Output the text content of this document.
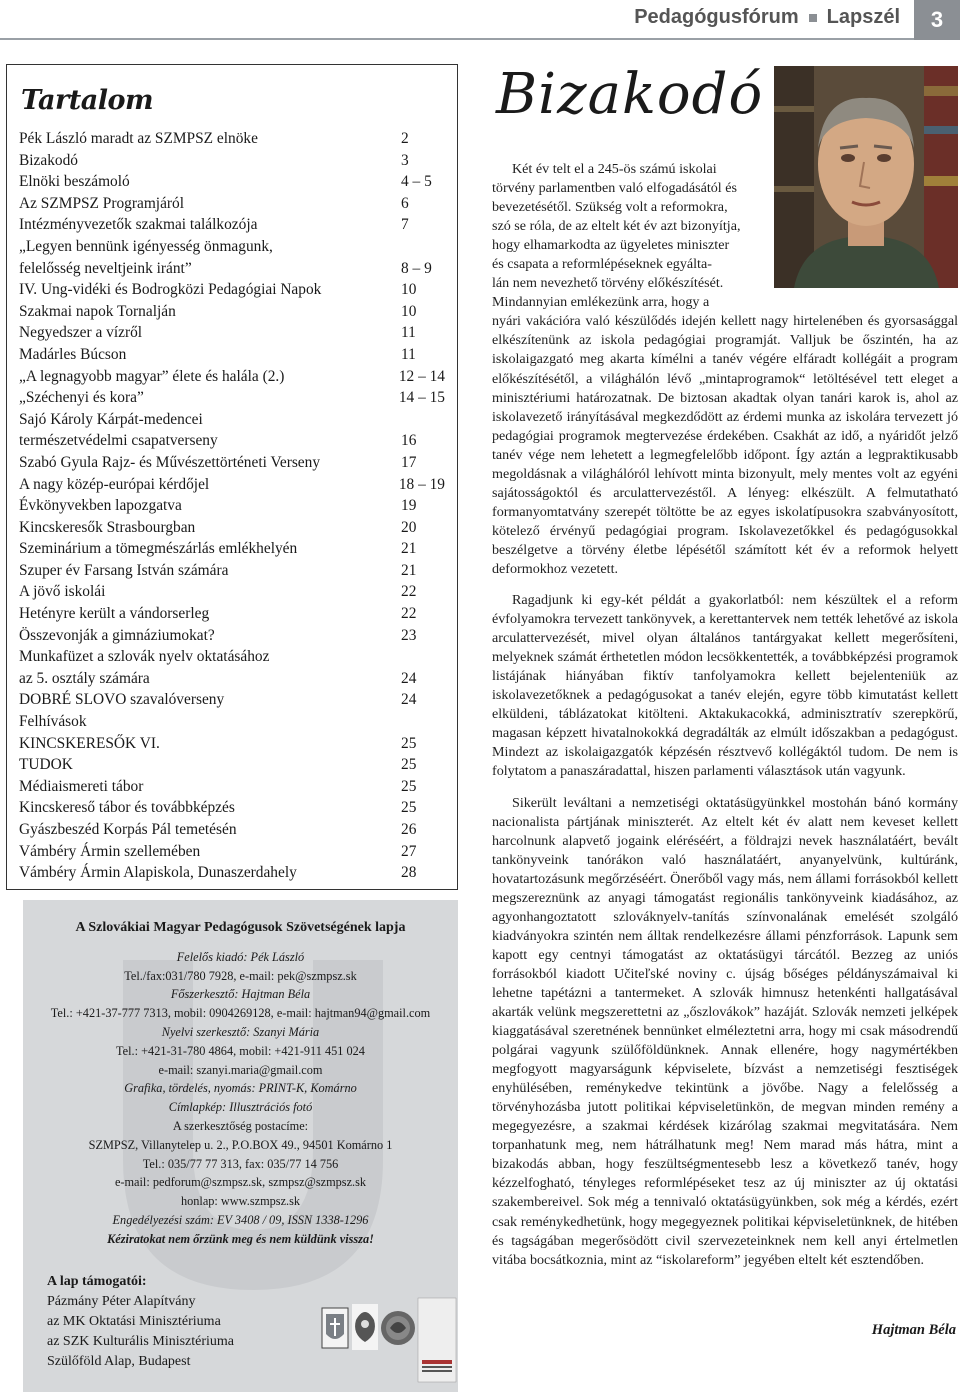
Pedagógusfórum Lapszél	3
Tartalom
Pék László maradt az SZMPSZ elnöke	2
Bizakodó	3
Elnöki beszámoló	4 – 5
Az SZMPSZ Programjáról	6
Intézményvezetők szakmai találkozója	7
„Legyen bennünk igényesség önmagunk,
felelősség neveltjeink iránt”	8 – 9
IV. Ung-vidéki és Bodrogközi Pedagógiai Napok	10
Szakmai napok Tornalján	10
Negyedszer a vízről	11
Madárles Búcson	11
„A legnagyobb magyar” élete és halála (2.)	12 – 14
„Széchenyi és kora”	14 – 15
Sajó Károly Kárpát-medencei
természetvédelmi csapatverseny	16
Szabó Gyula Rajz- és Művészettörténeti Verseny	17
A nagy közép-európai kérdőjel	18 – 19
Évkönyvekben lapozgatva	19
Kincskeresők Strasbourgban	20
Szeminárium a tömegmészárlás emlékhelyén	21
Szuper év Farsang István számára	21
A jövő iskolái	22
Hetényre került a vándorserleg	22
Összevonják a gimnáziumokat?	23
Munkafüzet a szlovák nyelv oktatásához
az 5. osztály számára	24
DOBRÉ SLOVO szavalóverseny	24
Felhívások
KINCSKERESŐK VI.	25
TUDOK	25
Médiaismereti tábor	25
Kincskereső tábor és továbbképzés	25
Gyászbeszéd Korpás Pál temetésén	26
Vámbéry Ármin szellemében	27
Vámbéry Ármin Alapiskola, Dunaszerdahely	28
A Szlovákiai Magyar Pedagógusok Szövetségének lapja
Felelős kiadó: Pék László
Tel./fax:031/780 7928, e-mail: pek@szmpsz.sk
Főszerkesztő: Hajtman Béla
Tel.: +421-37-777 7313, mobil: 0904269128, e-mail: hajtman94@gmail.com
Nyelvi szerkesztő: Szanyi Mária
Tel.: +421-31-780 4864, mobil: +421-911 451 024
e-mail: szanyi.maria@gmail.com
Grafika, tördelés, nyomás: PRINT-K, Komárno
Címlapkép: Illusztrációs fotó
A szerkesztőség postacíme:
SZMPSZ, Villanytelep u. 2., P.O.BOX 49., 94501 Komárno 1
Tel.: 035/77 77 313, fax: 035/77 14 756
e-mail: pedforum@szmpsz.sk, szmpsz@szmpsz.sk
honlap: www.szmpsz.sk
Engedélyezési szám: EV 3408 / 09, ISSN 1338-1296
Kéziratokat nem őrzünk meg és nem küldünk vissza!
A lap támogatói:
Pázmány Péter Alapítvány
az MK Oktatási Minisztériuma
az SZK Kulturális Minisztériuma
Szülőföld Alap, Budapest
Bizakodó

Két év telt el a 245-ös számú iskolai
törvény parlamentben való elfogadásától és
bevezetésétől. Szükség volt a reformokra,
szó se róla, de az eltelt két év azt bizonyítja,
hogy elhamarkodta az ügyeletes miniszter
és csapata a reformlépéseknek egyálta-
lán nem nevezhető törvény előkészítését.
Mindannyian emlékezünk arra, hogy a

nyári vakációra való készülődés idején kellett nagy hirtelenében és gyorsasággal elkészítenünk az iskola pedagógiai programját. Valljuk be őszintén, ha az iskolaigazgató meg akarta kímélni a tanév végére elfáradt kollégáit a program előkészítésétől, a világhálón lévő „mintaprogramok“ letöltésével tett eleget a minisztériumi határozatnak. De biztosan akadtak olyan tanári karok is, ahol az iskolavezető irányításával megkezdődött az érdemi munka az iskolára tervezett jó pedagógiai programok megtervezése érdekében. Csakhát az idő, a nyáridőt jelző tanév vége nem lehetett a legmegfelelőbb időpont. Így aztán a legpraktikusabb megoldásnak a világhálóról lehívott minta bizonyult, mely mentes volt az egyéni sajátosságoktól és arculattervezéstől. A lényeg: elkészült. A felmutatható formanyomtatvány szerepét töltötte be az egyes iskolatípusokra szabványosított, kötelező érvényű pedagógiai program. Iskolavezetőkkel és pedagógusokkal beszélgetve a törvény életbe lépésétől számított két év a reformok helyett deformokhoz vezetett.

Ragadjunk ki egy-két példát a gyakorlatból: nem készültek el a reform évfolyamokra tervezett tankönyvek, a kerettantervek nem tették lehetővé az iskola arculattervezését, mivel olyan általános tantárgyakat kellett megerősíteni, melyeknek számát érthetetlen módon lecsökkentették, a továbbképzési programok listájának hiányában fiktív tanfolyamokra kellett bejelenteniük az iskolavezetőknek a pedagógusokat a tanév elején, egyre több kimutatást kellett elküldeni, táblázatokat kitölteni. Aktakukacokká, adminisztratív szerepkörű, magasan képzett hivatalnokokká degradálták az elmúlt időszakban a pedagógust. Mindezt az iskolaigazgatók képzésén résztvevő kollégáktól tudom. De nem is folytatom a panaszáradattal, hiszen parlamenti választások után vagyunk.

Sikerült leváltani a nemzetiségi oktatásügyünkkel mostohán bánó kormány nacionalista pártjának miniszterét. Az eltelt két év alatt nem keveset kellett harcolnunk alapvető jogaink eléréséért, a földrajzi nevek használatáért, bevált tankönyveink tanórákon való használatáért, anyanyelvünk, kultúránk, hovatartozásunk megőrzéséért. Önerőből vagy más, nem állami forrásokból kellett megszereznünk az anyagi támogatást regionális tankönyveink kiadásához, az agyonhangoztatott szlováknyelv-tanítás színvonalának emelését szolgáló kiadványokra szintén nem álltak rendelkezésre állami pénzforrások. Lapunk sem kapott egy centnyi támogatást az oktatásügyi tárcától. Bezzeg az uniós forrásokból kiadott Učiteľské noviny c. újság bőséges példányszámaival ki lehetne tapétázni a tantermeket. A szlovák himnusz hetenkénti hallgatásával akarták velünk megszerettetni az „őszlovákok” hazáját. Szlovák nemzeti jelképek kiaggatásával szeretnének bennünket elméleztetni arra, hogy mi csak másodrendű polgárai vagyunk szülőföldünknek. Annak ellenére, hogy nagymértékben megfogyott magyarságunk képviselete, bízvást a nemzetiségi fesztiségek enyhülésében, reménykedve tekintünk a jövőbe. Nagy a felelősség a törvényhozásba jutott politikai képviseletünkön, de megvan minden remény a megegyezésre, a szakmai kérdések kizárólag szakmai megvitatására. Nem torpanhatunk meg, nem hátrálhatunk meg! Nem marad más hátra, mint a bizakodás abban, hogy feszültségmentesebb lesz a következő tanév, hogy kézzelfogható, tényleges reformlépéseket tesz az új miniszter az új oktatási szakembereivel. Sok még a tennivaló oktatásügyünkben, sok még a kérdés, ezért csak reménykedhetünk, hogy megegyeznek politikai képviseletünknek, de hitében és tagságában megerősödött civil szervezeteinknek nem kell anyi értelmetlen vitába bocsátkoznia, mint az “iskolareform” jegyében eltelt két esztendőben.

Hajtman Béla
